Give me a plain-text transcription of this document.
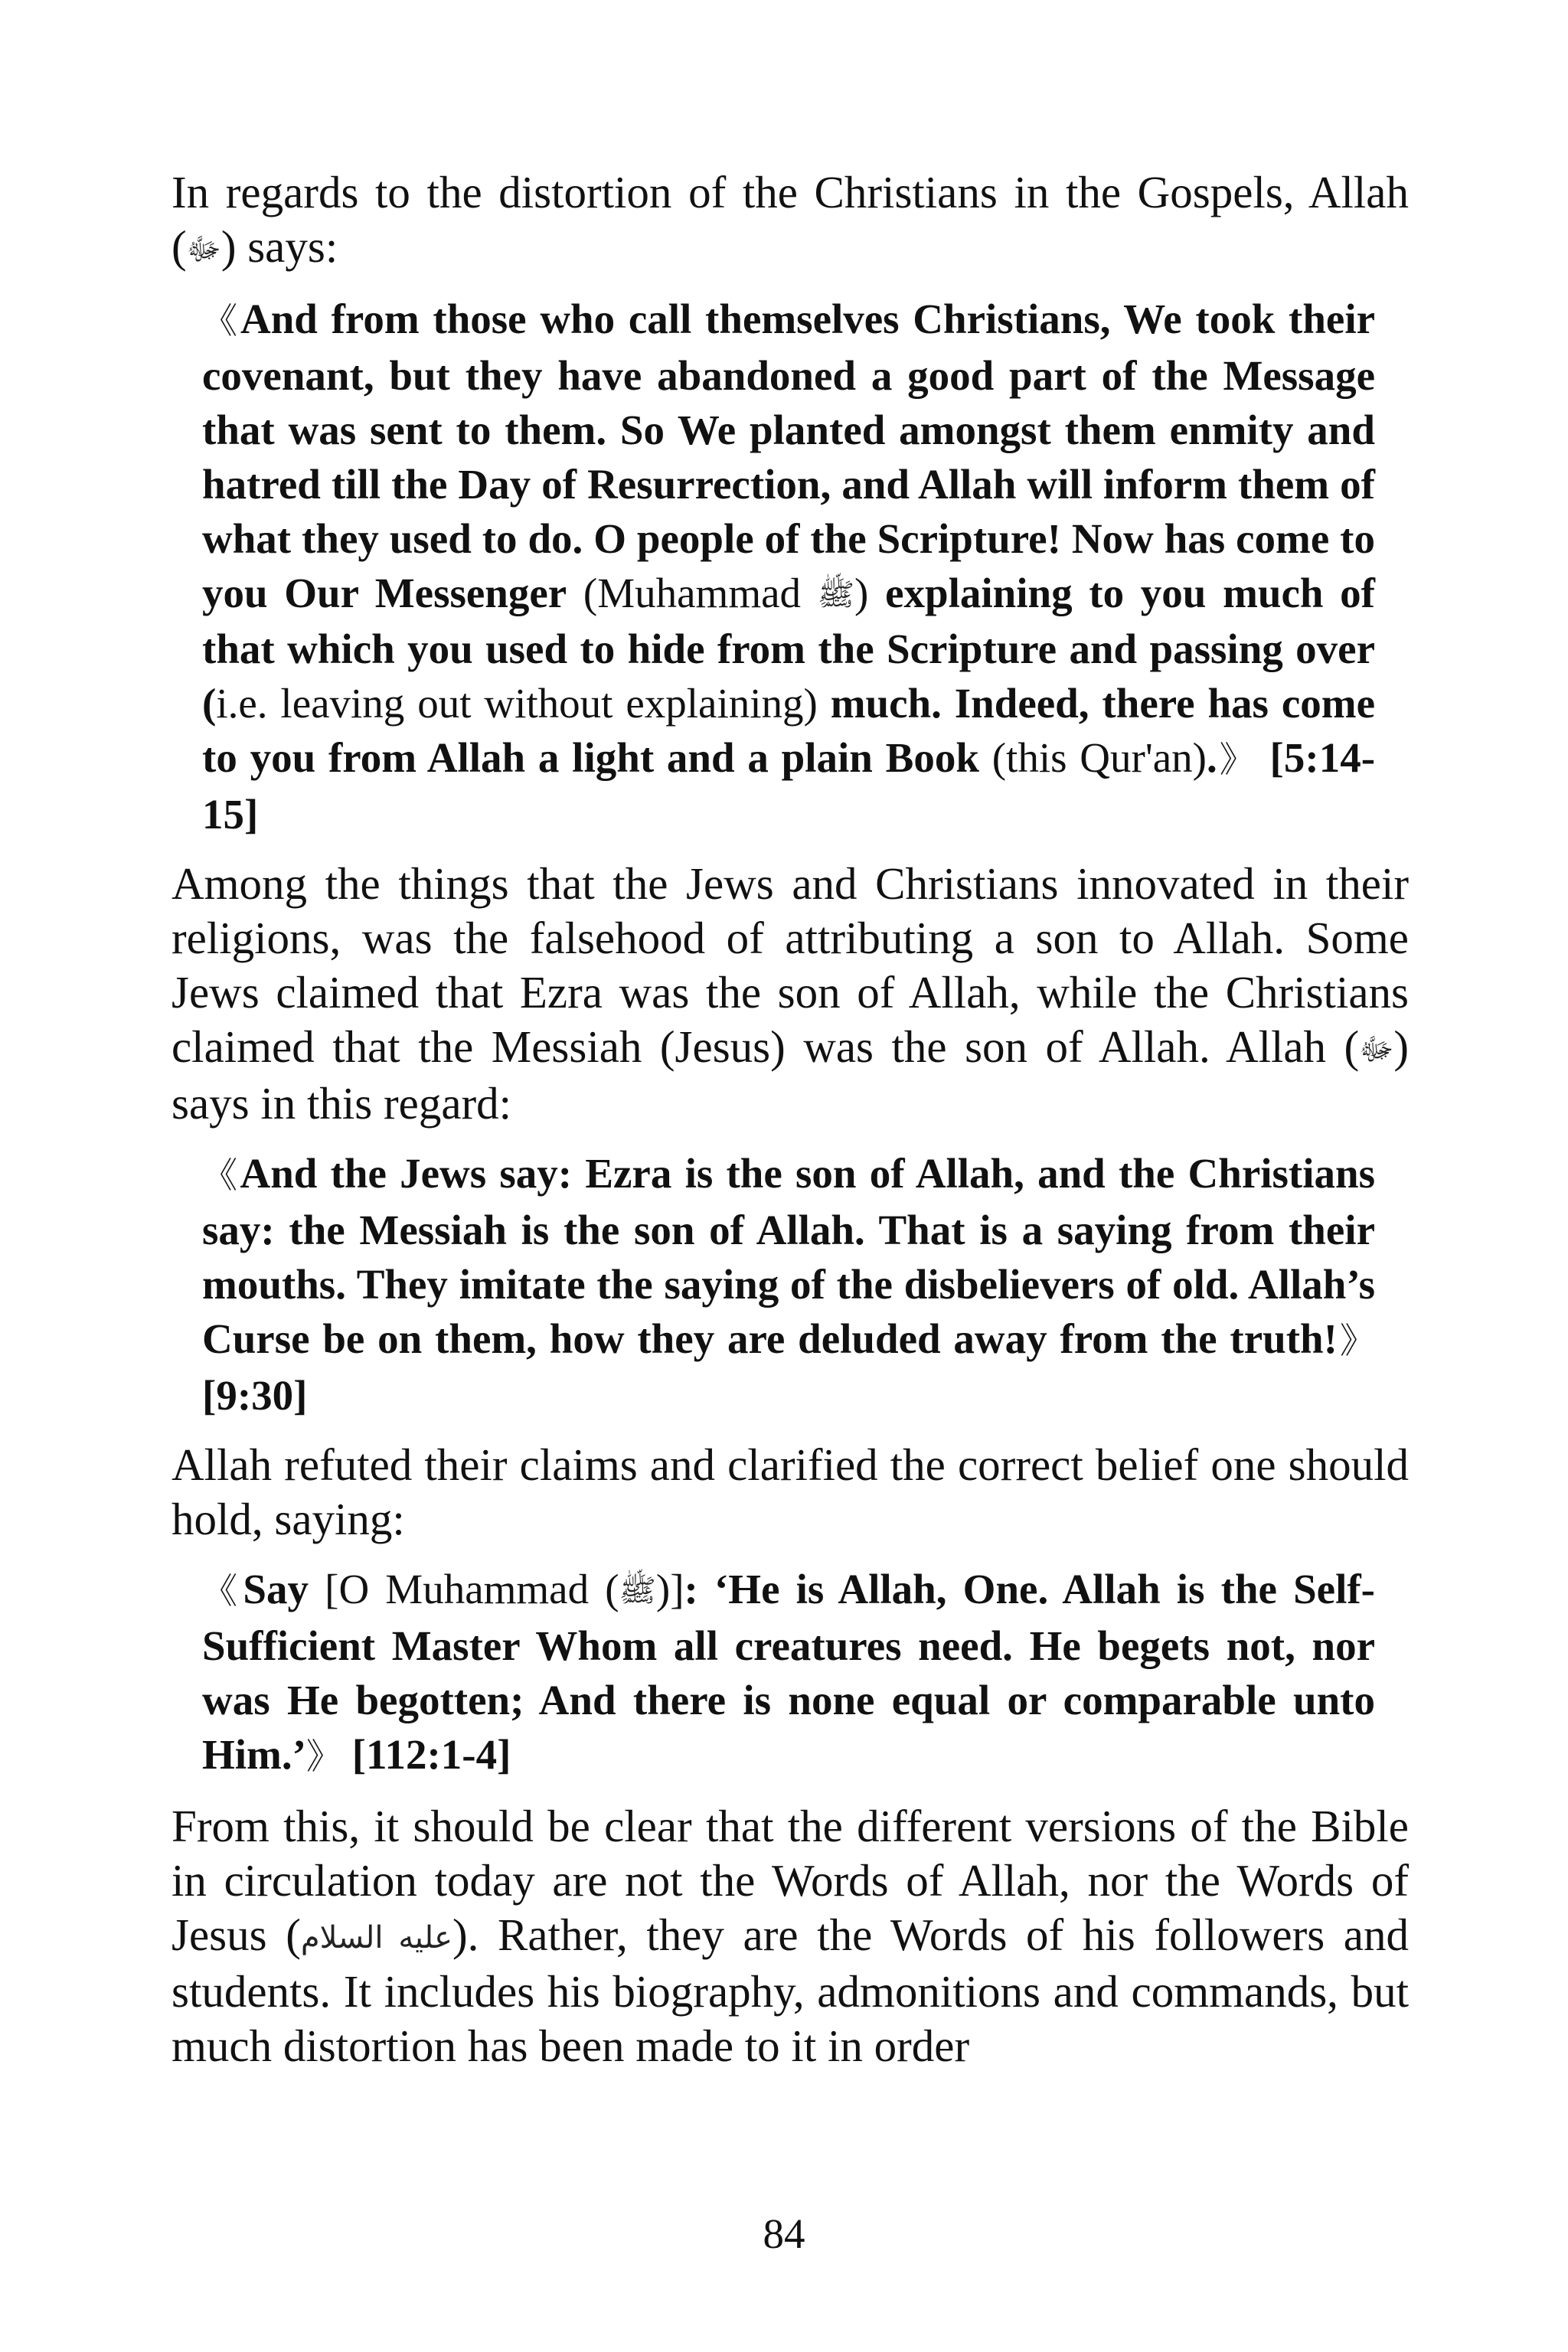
In regards to the distortion of the Christians in the Gospels, Allah (ﷻ) says:

《And from those who call themselves Christians, We took their covenant, but they have abandoned a good part of the Message that was sent to them. So We planted amongst them enmity and hatred till the Day of Resurrection, and Allah will inform them of what they used to do. O people of the Scripture! Now has come to you Our Messenger (Muhammad ﷺ) explaining to you much of that which you used to hide from the Scripture and passing over (i.e. leaving out without explaining) much. Indeed, there has come to you from Allah a light and a plain Book (this Qur'an).》 [5:14-15]

Among the things that the Jews and Christians innovated in their religions, was the falsehood of attributing a son to Allah. Some Jews claimed that Ezra was the son of Allah, while the Christians claimed that the Messiah (Jesus) was the son of Allah. Allah (ﷻ) says in this regard:

《And the Jews say: Ezra is the son of Allah, and the Christians say: the Messiah is the son of Allah. That is a saying from their mouths. They imitate the saying of the disbelievers of old. Allah’s Curse be on them, how they are deluded away from the truth!》 [9:30]

Allah refuted their claims and clarified the correct belief one should hold, saying:

《Say [O Muhammad (ﷺ)]: ‘He is Allah, One. Allah is the Self-Sufficient Master Whom all creatures need. He begets not, nor was He begotten; And there is none equal or comparable unto Him.’》 [112:1-4]

From this, it should be clear that the different versions of the Bible in circulation today are not the Words of Allah, nor the Words of Jesus (عليه السلام). Rather, they are the Words of his followers and students. It includes his biography, admonitions and commands, but much distortion has been made to it in order

84
